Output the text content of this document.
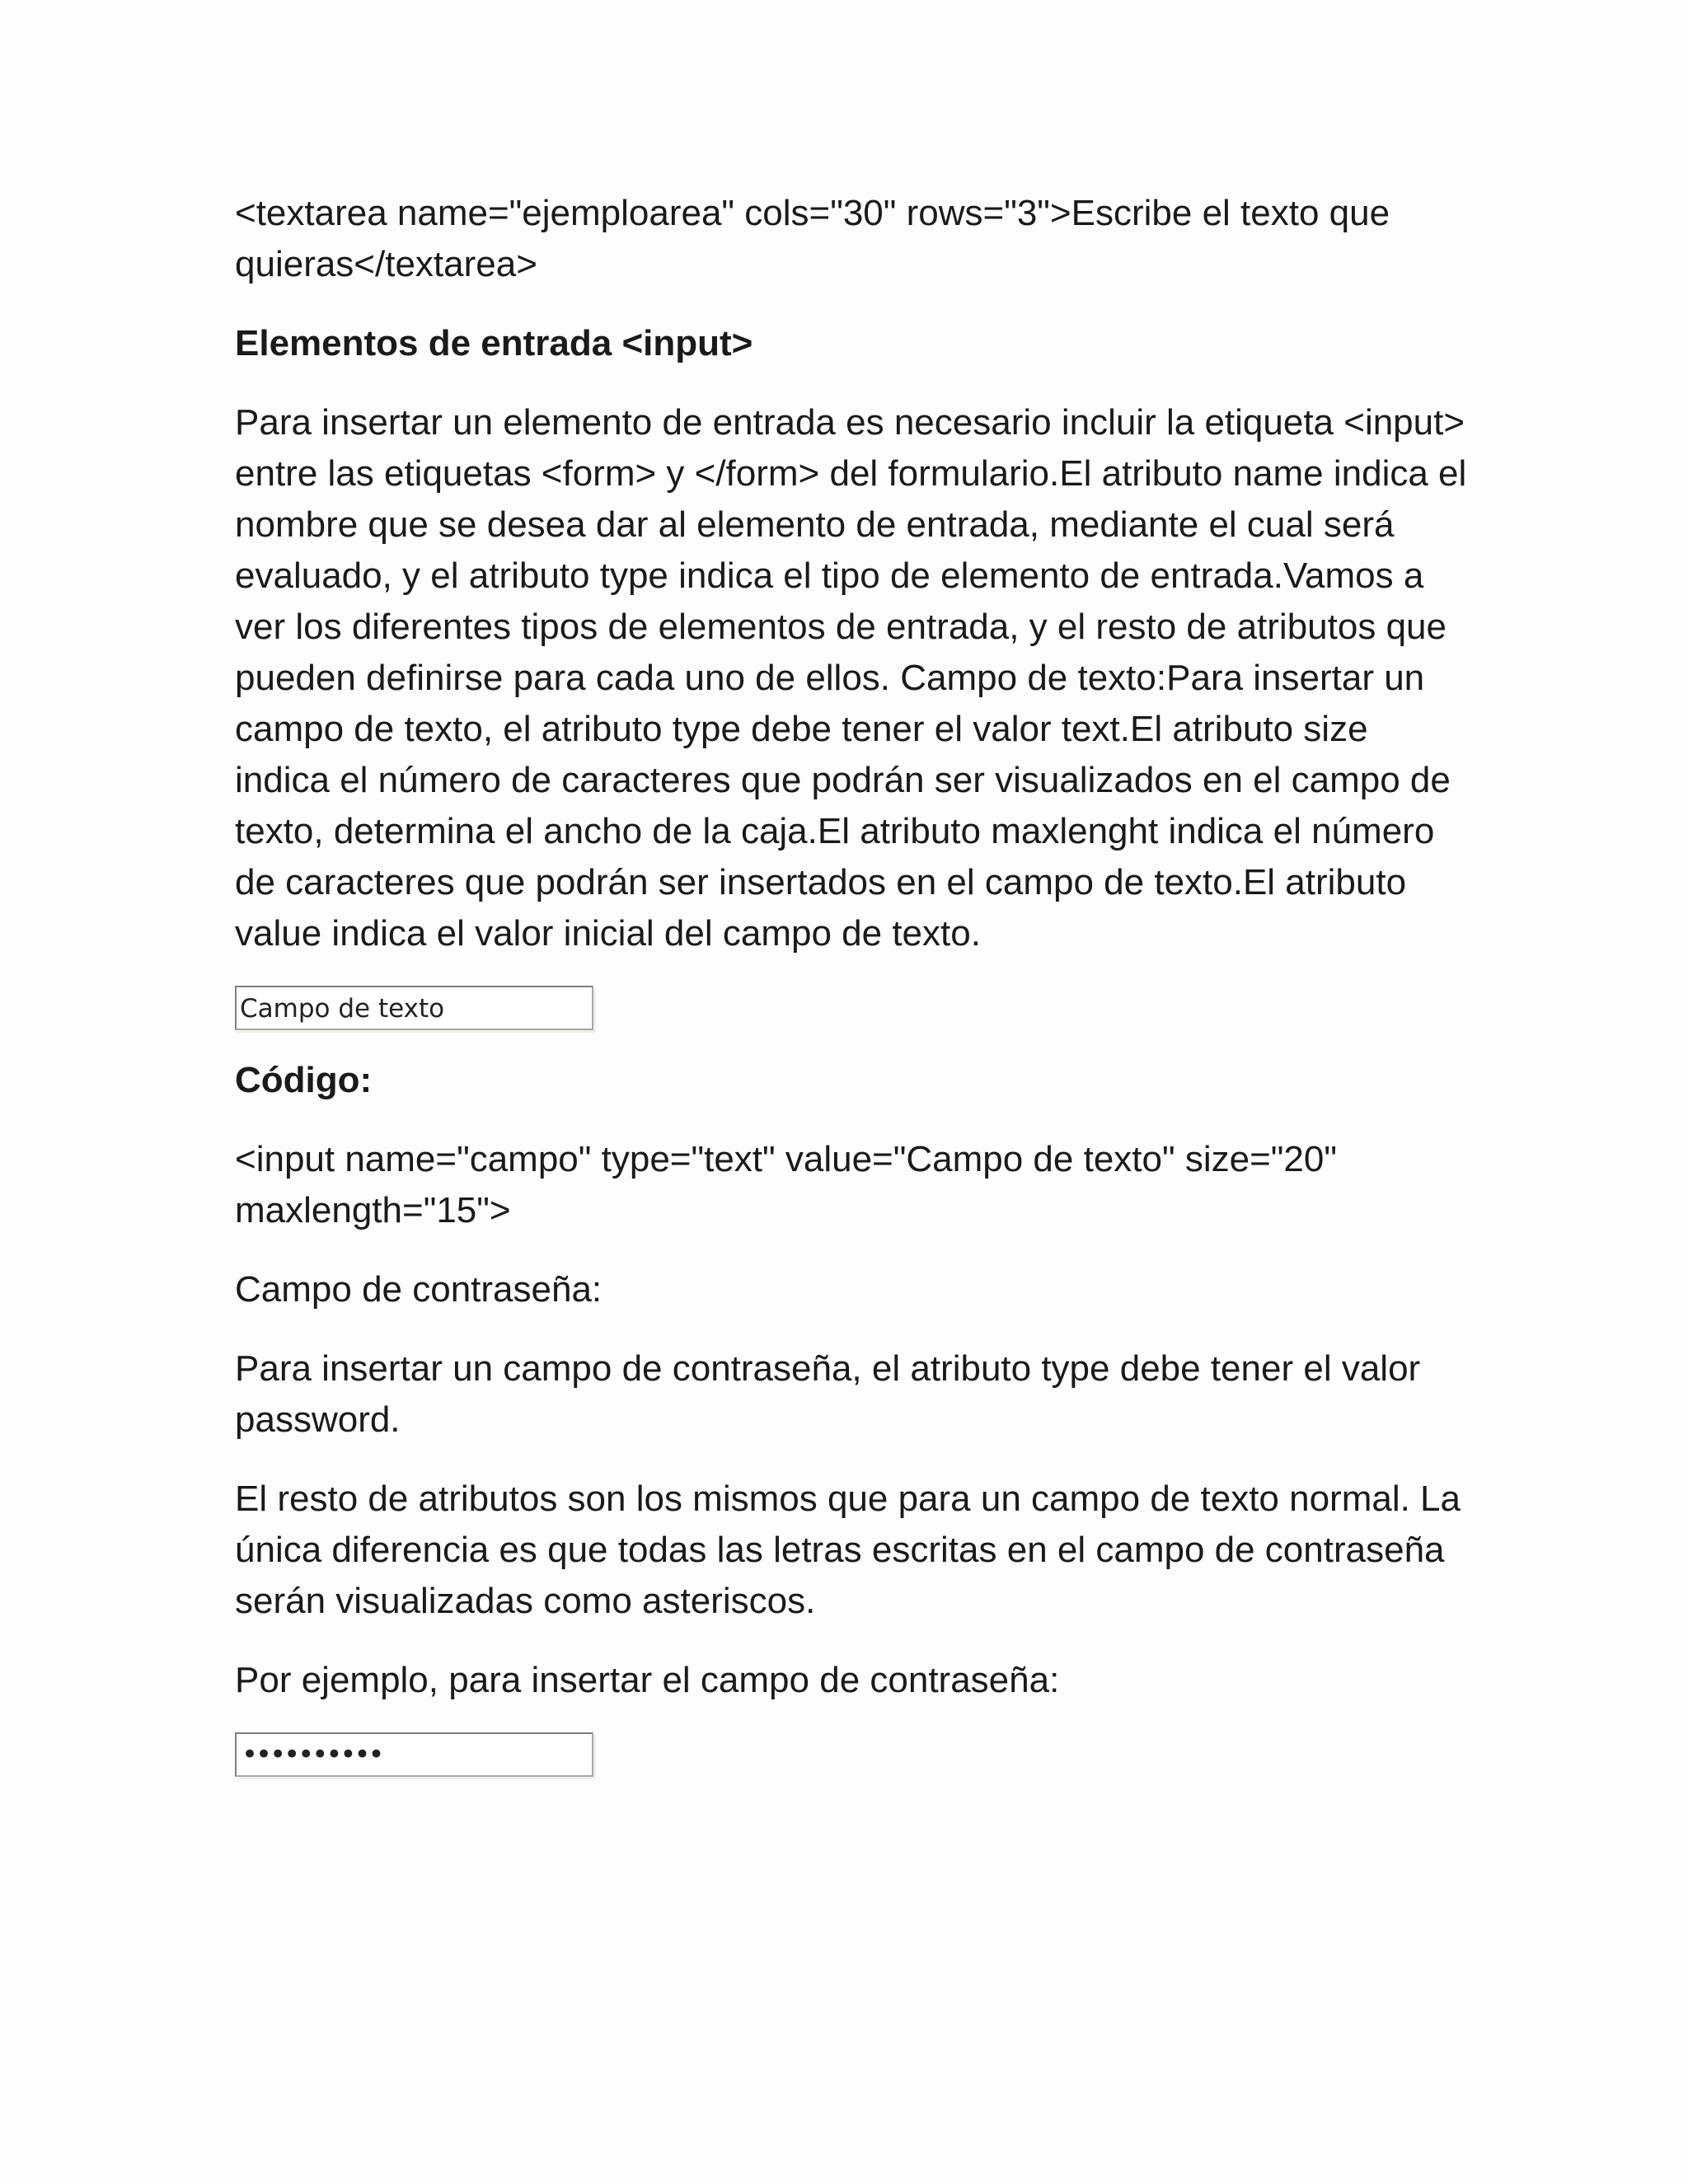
<textarea name="ejemploarea" cols="30" rows="3">Escribe el texto que quieras</textarea>

Elementos de entrada <input>

Para insertar un elemento de entrada es necesario incluir la etiqueta <input> entre las etiquetas <form> y </form> del formulario.El atributo name indica el nombre que se desea dar al elemento de entrada, mediante el cual será evaluado, y el atributo type indica el tipo de elemento de entrada.Vamos a ver los diferentes tipos de elementos de entrada, y el resto de atributos que pueden definirse para cada uno de ellos. Campo de texto:Para insertar un campo de texto, el atributo type debe tener el valor text.El atributo size indica el número de caracteres que podrán ser visualizados en el campo de texto, determina el ancho de la caja.El atributo maxlenght indica el número de caracteres que podrán ser insertados en el campo de texto.El atributo value indica el valor inicial del campo de texto.

Campo de texto

Código:

<input name="campo" type="text" value="Campo de texto" size="20" maxlength="15">

Campo de contraseña:

Para insertar un campo de contraseña, el atributo type debe tener el valor password.

El resto de atributos son los mismos que para un campo de texto normal. La única diferencia es que todas las letras escritas en el campo de contraseña serán visualizadas como asteriscos.

Por ejemplo, para insertar el campo de contraseña:

••••••••••
